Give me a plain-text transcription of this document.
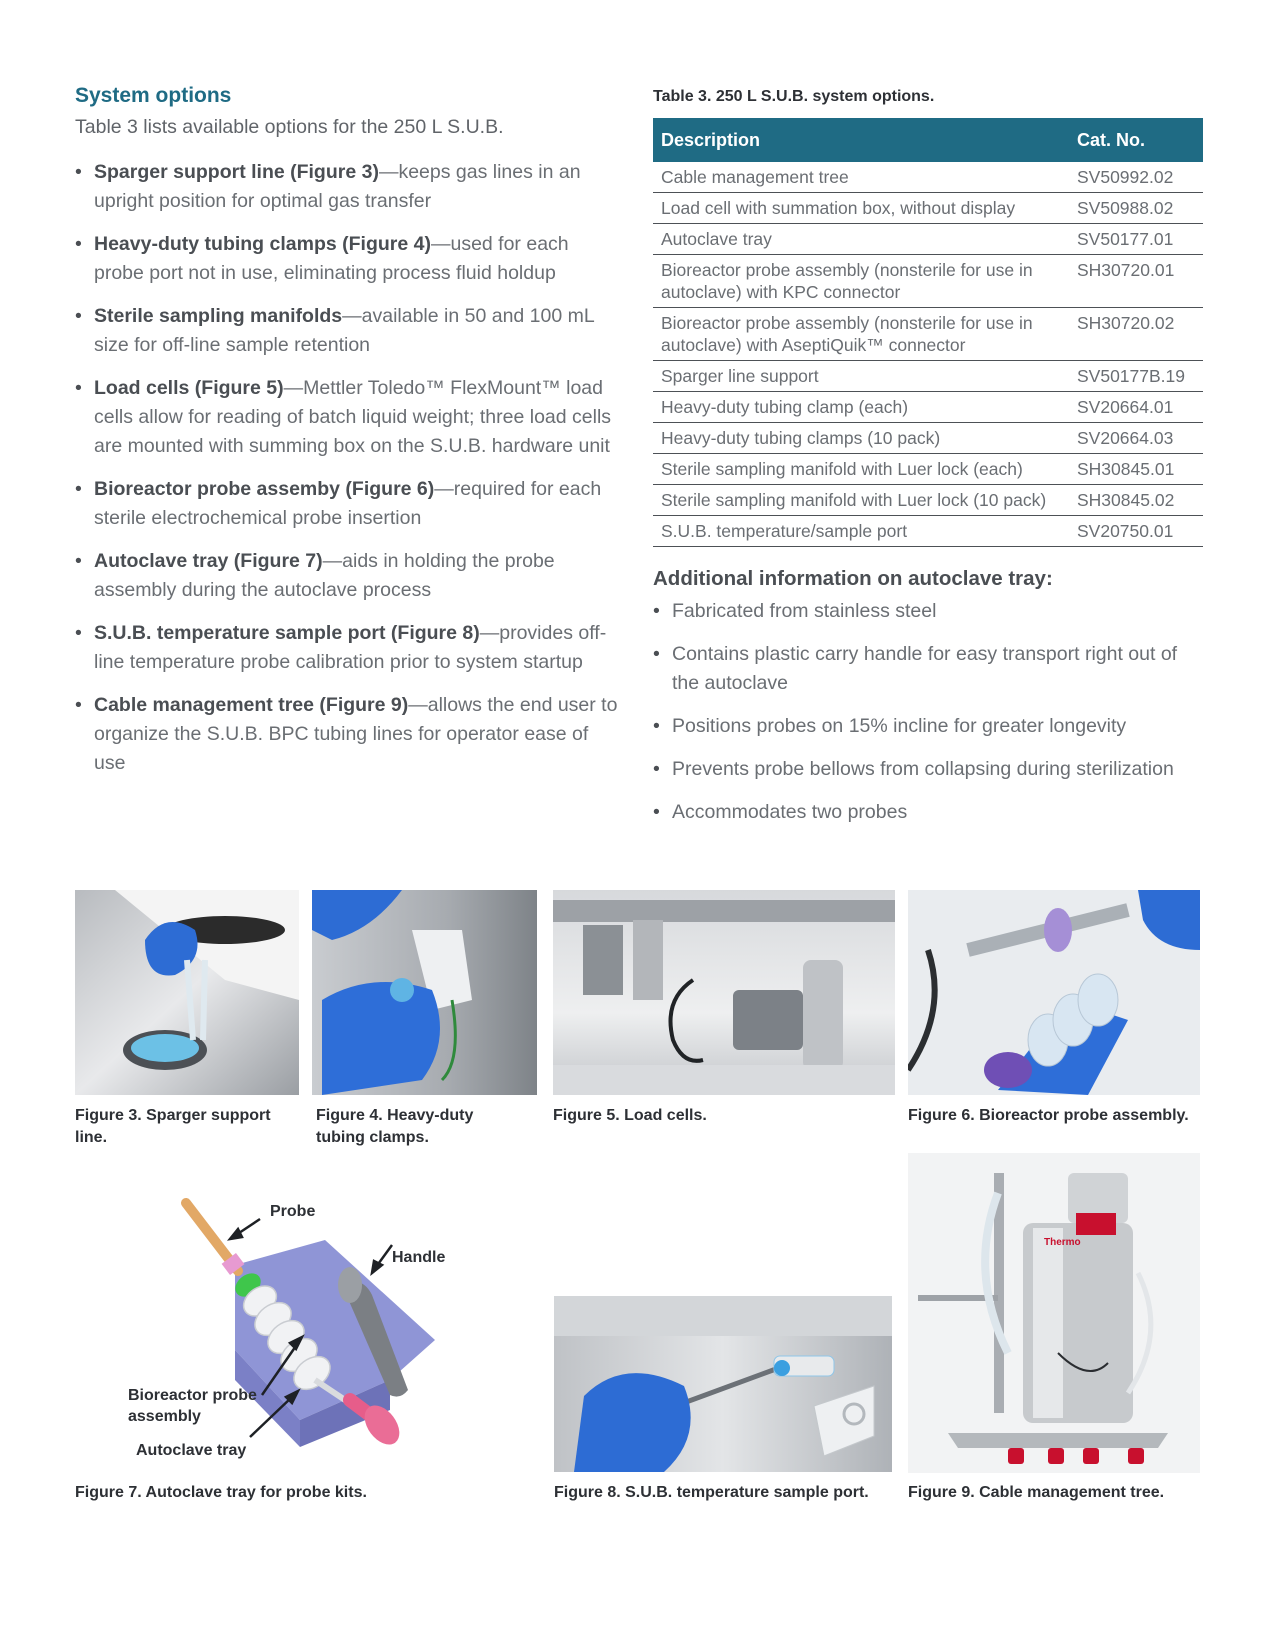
System options

Table 3 lists available options for the 250 L S.U.B.

• Sparger support line (Figure 3)—keeps gas lines in an upright position for optimal gas transfer
• Heavy-duty tubing clamps (Figure 4)—used for each probe port not in use, eliminating process fluid holdup
• Sterile sampling manifolds—available in 50 and 100 mL size for off-line sample retention
• Load cells (Figure 5)—Mettler Toledo™ FlexMount™ load cells allow for reading of batch liquid weight; three load cells are mounted with summing box on the S.U.B. hardware unit
• Bioreactor probe assemby (Figure 6)—required for each sterile electrochemical probe insertion
• Autoclave tray (Figure 7)—aids in holding the probe assembly during the autoclave process
• S.U.B. temperature sample port (Figure 8)—provides off-line temperature probe calibration prior to system startup
• Cable management tree (Figure 9)—allows the end user to organize the S.U.B. BPC tubing lines for operator ease of use
Table 3. 250 L S.U.B. system options.
Description	Cat. No.
Cable management tree	SV50992.02
Load cell with summation box, without display	SV50988.02
Autoclave tray	SV50177.01
Bioreactor probe assembly (nonsterile for use in autoclave) with KPC connector	SH30720.01
Bioreactor probe assembly (nonsterile for use in autoclave) with AseptiQuik™ connector	SH30720.02
Sparger line support	SV50177B.19
Heavy-duty tubing clamp (each)	SV20664.01
Heavy-duty tubing clamps (10 pack)	SV20664.03
Sterile sampling manifold with Luer lock (each)	SH30845.01
Sterile sampling manifold with Luer lock (10 pack)	SH30845.02
S.U.B. temperature/sample port	SV20750.01
Additional information on autoclave tray:
• Fabricated from stainless steel
• Contains plastic carry handle for easy transport right out of the autoclave
• Positions probes on 15% incline for greater longevity
• Prevents probe bellows from collapsing during sterilization
• Accommodates two probes
Figure 3. Sparger support line.
Figure 4. Heavy-duty tubing clamps.
Figure 5. Load cells.	Figure 6. Bioreactor probe assembly.
Probe
Handle
Bioreactor probe assembly
Autoclave tray
Figure 7. Autoclave tray for probe kits.	Figure 8. S.U.B. temperature sample port.
Thermo
Figure 9. Cable management tree.
